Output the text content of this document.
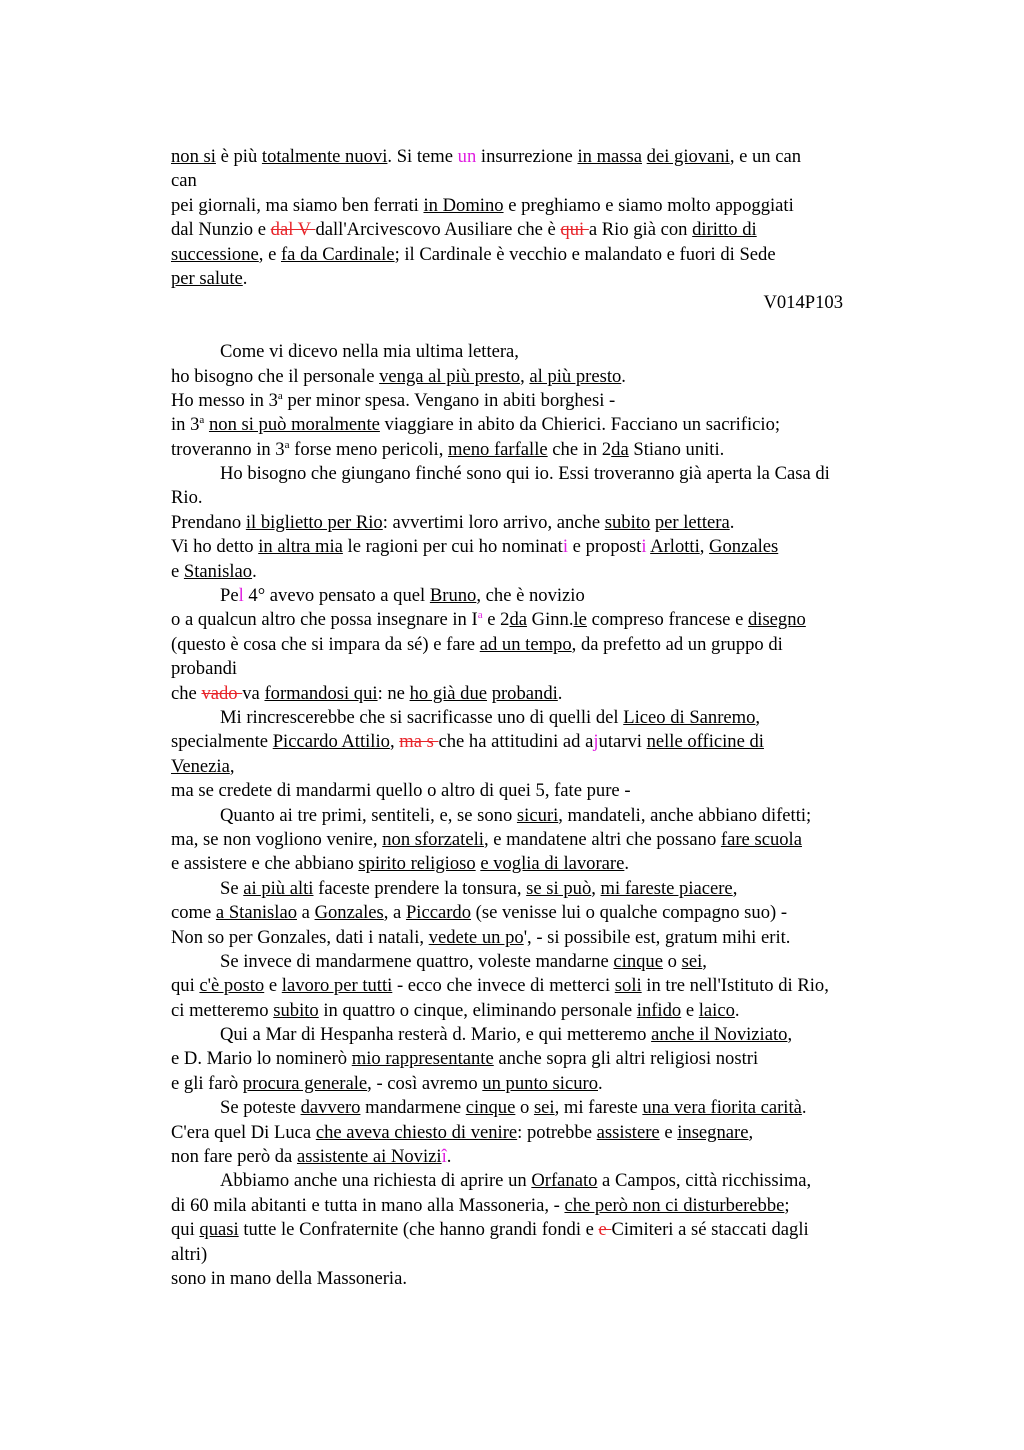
non si è più totalmente nuovi. Si teme un insurrezione in massa dei giovani, e un can
can
pei giornali, ma siamo ben ferrati in Domino e preghiamo e siamo molto appoggiati
dal Nunzio e dal V dall'Arcivescovo Ausiliare che è qui a Rio già con diritto di
successione, e fa da Cardinale; il Cardinale è vecchio e malandato e fuori di Sede
per salute.
V014P103
Come vi dicevo nella mia ultima lettera,
ho bisogno che il personale venga al più presto, al più presto.
Ho messo in 3$^a$ per minor spesa. Vengano in abiti borghesi -
in 3$^a$ non si può moralmente viaggiare in abito da Chierici. Facciano un sacrificio;
troveranno in 3$^a$ forse meno pericoli, meno farfalle che in 2da Stiano uniti.
Ho bisogno che giungano finché sono qui io. Essi troveranno già aperta la Casa di
Rio.
Prendano il biglietto per Rio: avvertimi loro arrivo, anche subito per lettera.
Vi ho detto in altra mia le ragioni per cui ho nominati e proposti Arlotti, Gonzales
e Stanislao.
Pel 4° avevo pensato a quel Bruno, che è novizio
o a qualcun altro che possa insegnare in $I^a$ e 2da Ginn.le compreso francese e disegno
(questo è cosa che si impara da sé) e fare ad un tempo, da prefetto ad un gruppo di
probandi
che vado va formandosi qui: ne ho già due probandi.
Mi rincrescerebbe che si sacrificasse uno di quelli del Liceo di Sanremo,
specialmente Piccardo Attilio, ma s che ha attitudini ad ajutarvi nelle officine di
Venezia,
ma se credete di mandarmi quello o altro di quei 5, fate pure -
Quanto ai tre primi, sentiteli, e, se sono sicuri, mandateli, anche abbiano difetti;
ma, se non vogliono venire, non sforzateli, e mandatene altri che possano fare scuola
e assistere e che abbiano spirito religioso e voglia di lavorare.
Se ai più alti faceste prendere la tonsura, se si può, mi fareste piacere,
come a Stanislao a Gonzales, a Piccardo (se venisse lui o qualche compagno suo) -
Non so per Gonzales, dati i natali, vedete un po', - si possibile est, gratum mihi erit.
Se invece di mandarmene quattro, voleste mandarne cinque o sei,
qui c'è posto e lavoro per tutti - ecco che invece di metterci soli in tre nell'Istituto di Rio,
ci metteremo subito in quattro o cinque, eliminando personale infido e laico.
Qui a Mar di Hespanha resterà d. Mario, e qui metteremo anche il Noviziato,
e D. Mario lo nominerò mio rappresentante anche sopra gli altri religiosi nostri
e gli farò procura generale, - così avremo un punto sicuro.
Se poteste davvero mandarmene cinque o sei, mi fareste una vera fiorita carità.
C'era quel Di Luca che aveva chiesto di venire: potrebbe assistere e insegnare,
non fare però da assistente ai Noviziî.
Abbiamo anche una richiesta di aprire un Orfanato a Campos, città ricchissima,
di 60 mila abitanti e tutta in mano alla Massoneria, - che però non ci disturberebbe;
qui quasi tutte le Confraternite (che hanno grandi fondi e e Cimiteri a sé staccati dagli
altri)
sono in mano della Massoneria.
